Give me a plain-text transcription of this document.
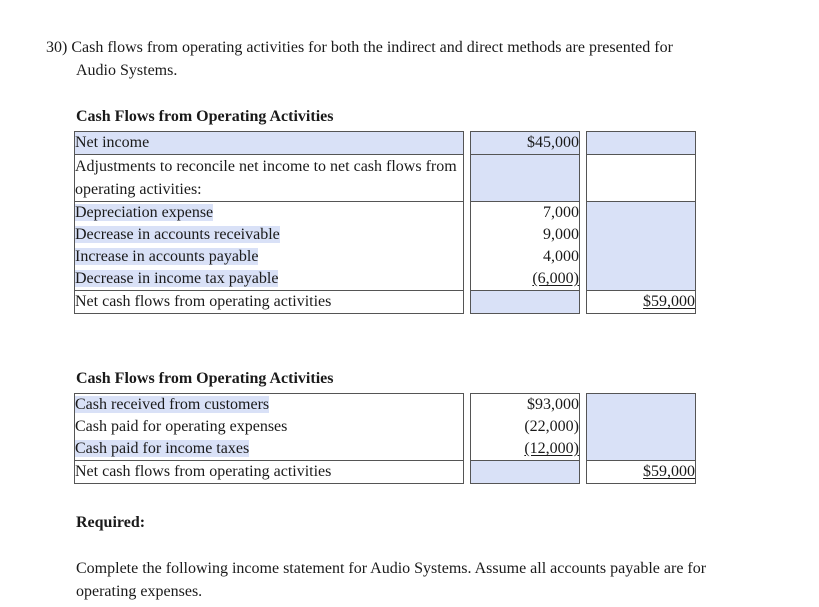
30) Cash flows from operating activities for both the indirect and direct methods are presented for
Audio Systems.
Cash Flows from Operating Activities
Net income		$45,000		
Adjustments to reconcile net income to net cash flows from operating activities:				
Depreciation expense		7,000		
Decrease in accounts receivable		9,000		
Increase in accounts payable		4,000		
Decrease in income tax payable		(6,000)		
Net cash flows from operating activities				$59,000
Cash Flows from Operating Activities
Cash received from customers		$93,000		
Cash paid for operating expenses		(22,000)		
Cash paid for income taxes		(12,000)		
Net cash flows from operating activities				$59,000
Required:
Complete the following income statement for Audio Systems. Assume all accounts payable are for
operating expenses.
